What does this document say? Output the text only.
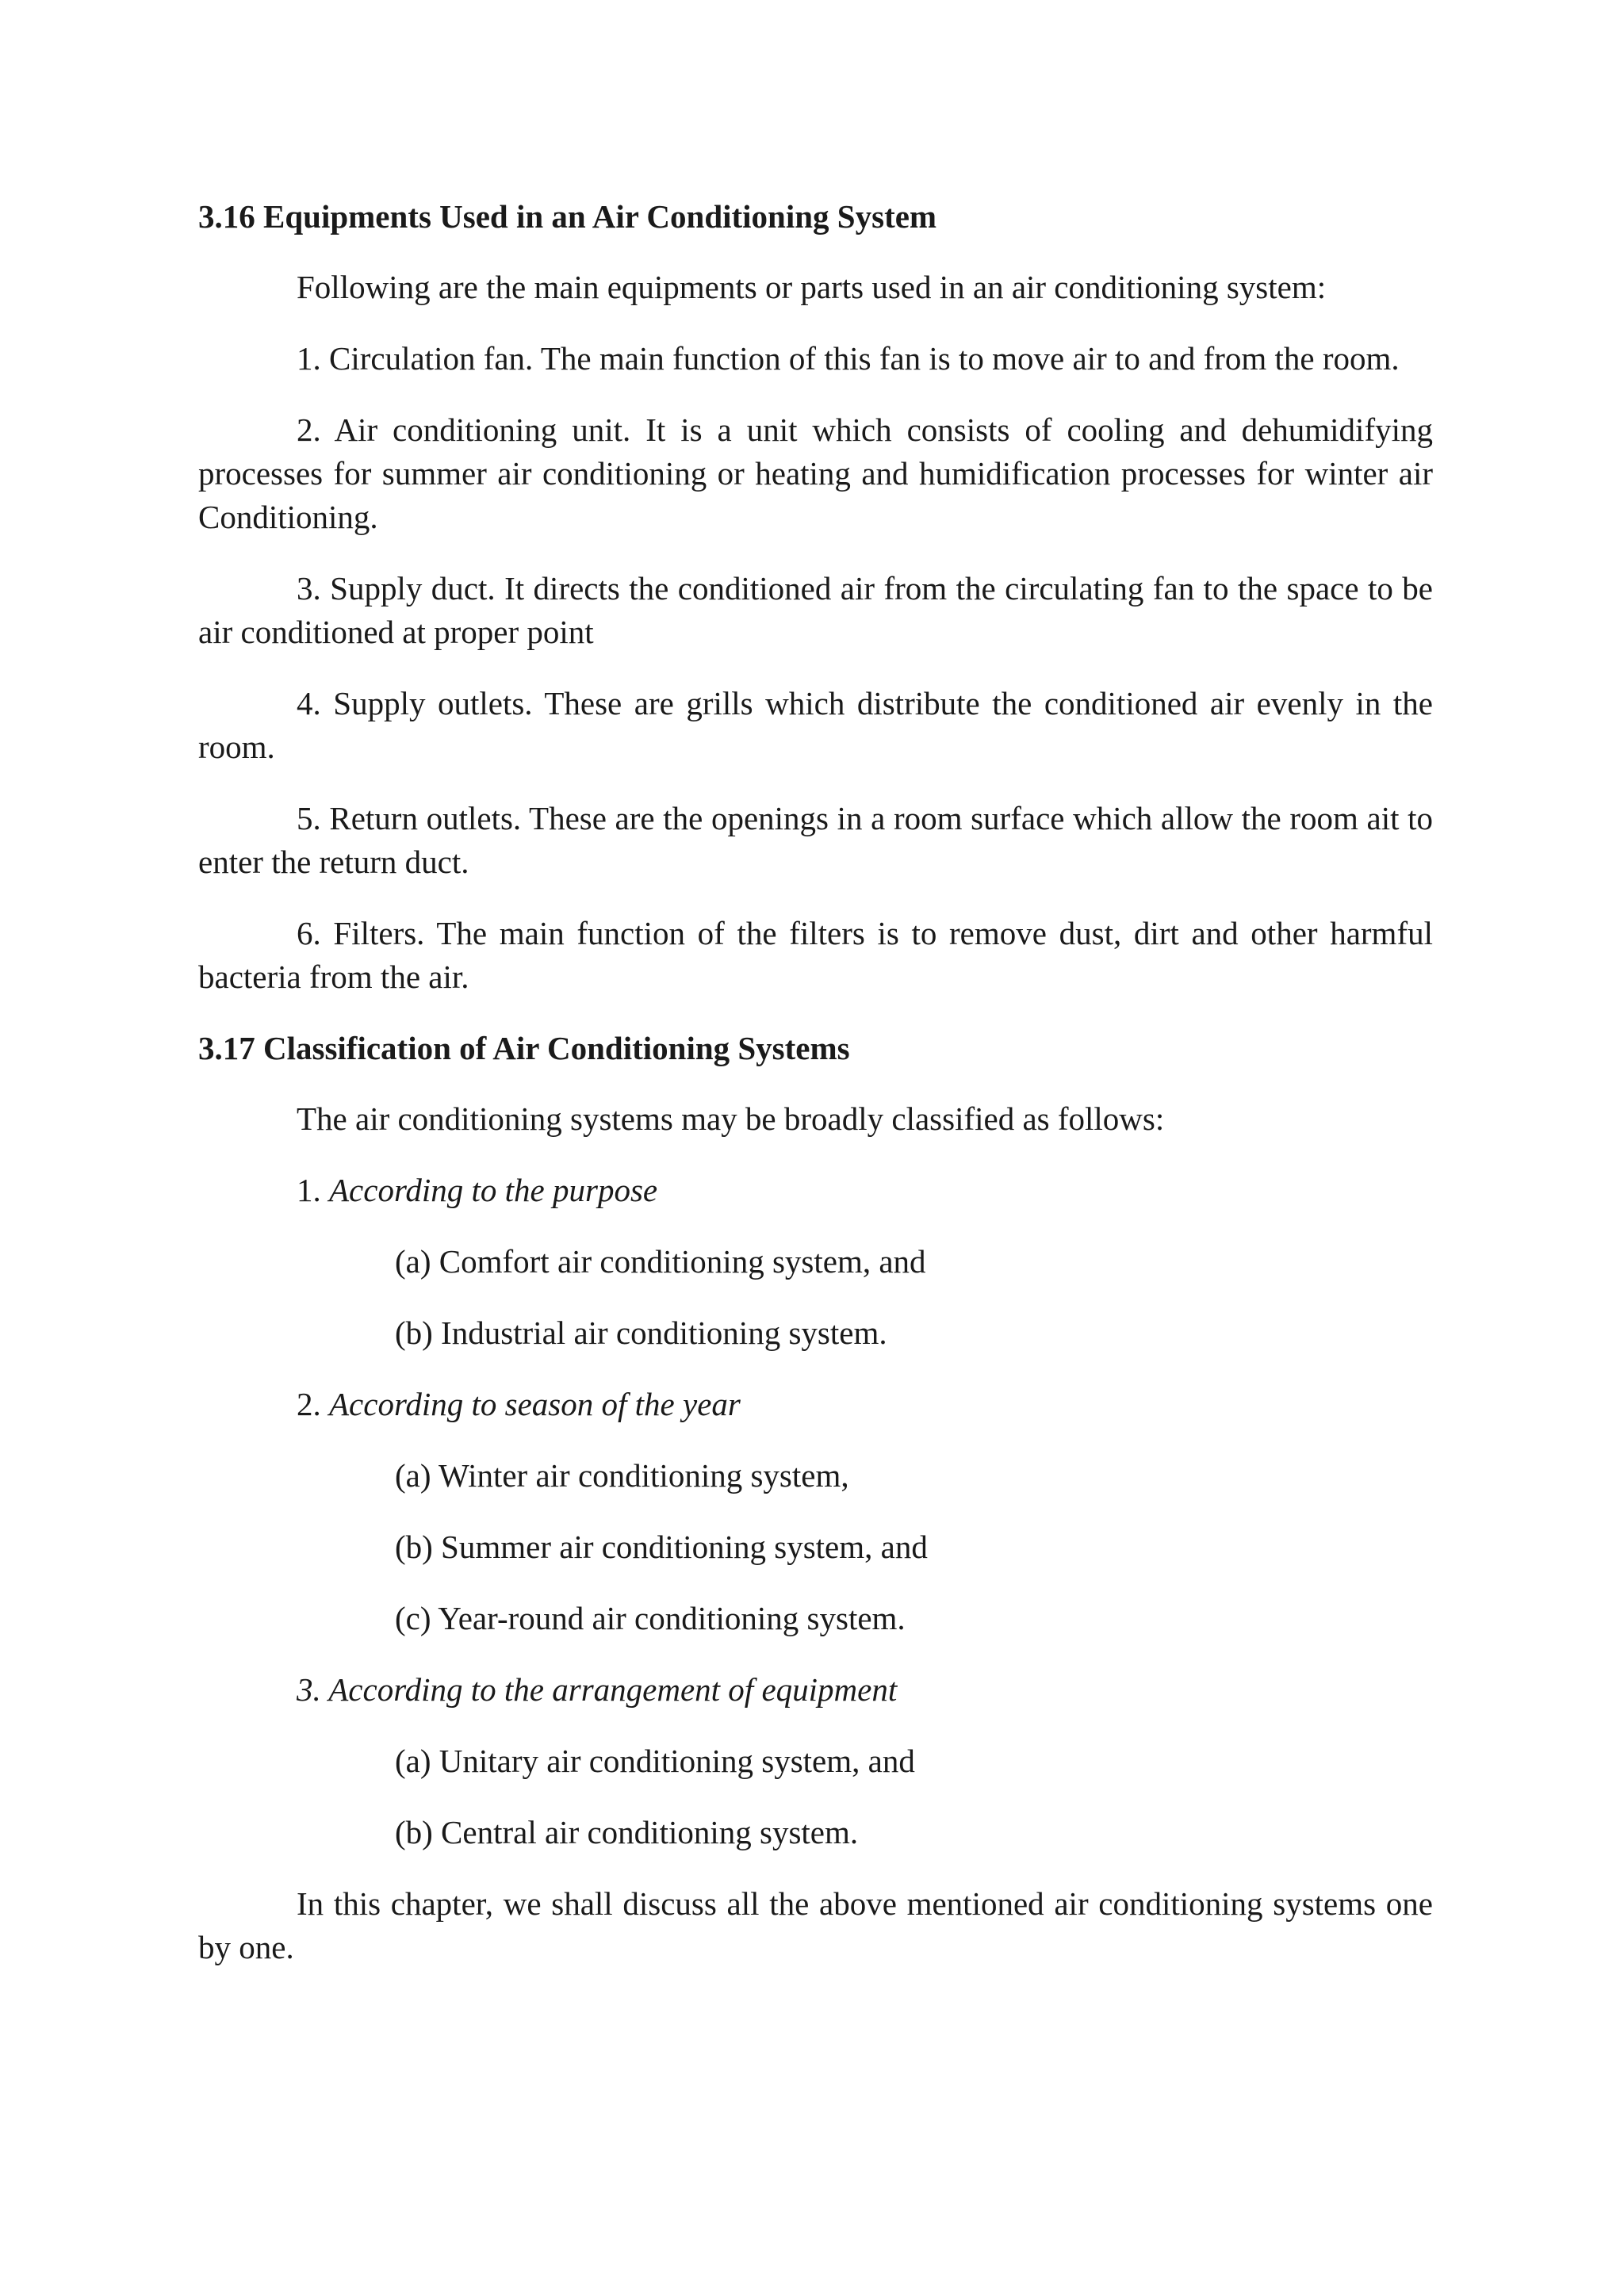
3.16 Equipments Used in an Air Conditioning System

Following are the main equipments or parts used in an air conditioning system:

1. Circulation fan. The main function of this fan is to move air to and from the room.

2. Air conditioning unit. It is a unit which consists of cooling and dehumidifying processes for summer air conditioning or heating and humidification processes for winter air Conditioning.

3. Supply duct. It directs the conditioned air from the circulating fan to the space to be air conditioned at proper point

4. Supply outlets. These are grills which distribute the conditioned air evenly in the room.

5. Return outlets. These are the openings in a room surface which allow the room ait to enter the return duct.

6. Filters. The main function of the filters is to remove dust, dirt and other harmful bacteria from the air.

3.17 Classification of Air Conditioning Systems

The air conditioning systems may be broadly classified as follows:

1. According to the purpose

(a) Comfort air conditioning system, and

(b) Industrial air conditioning system.

2. According to season of the year

(a) Winter air conditioning system,

(b) Summer air conditioning system, and

(c) Year-round air conditioning system.

3. According to the arrangement of equipment

(a) Unitary air conditioning system, and

(b) Central air conditioning system.

In this chapter, we shall discuss all the above mentioned air conditioning systems one by one.
